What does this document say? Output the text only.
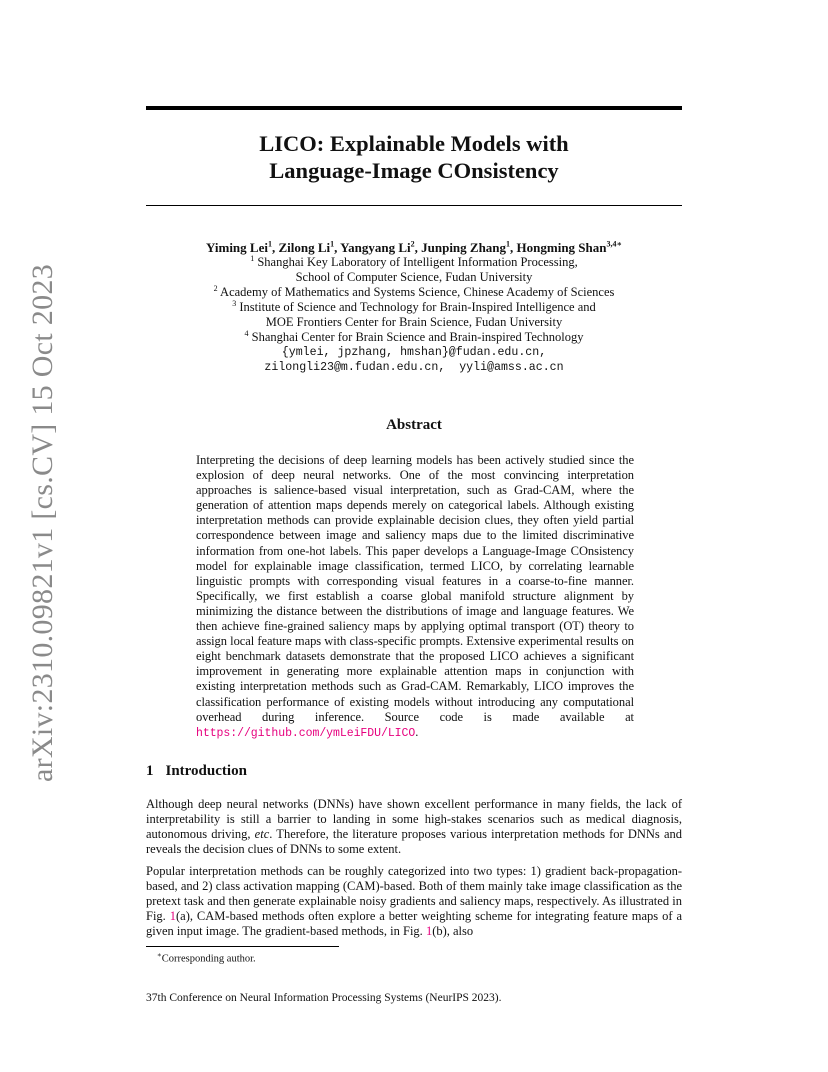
arXiv:2310.09821v1 [cs.CV] 15 Oct 2023
LICO: Explainable Models with
Language-Image COnsistency
Yiming Lei$^1$, Zilong Li$^1$, Yangyang Li$^2$, Junping Zhang$^1$, Hongming Shan$^{3,4∗}$
$^1$ Shanghai Key Laboratory of Intelligent Information Processing,
School of Computer Science, Fudan University
$^2$ Academy of Mathematics and Systems Science, Chinese Academy of Sciences
$^3$ Institute of Science and Technology for Brain-Inspired Intelligence and
MOE Frontiers Center for Brain Science, Fudan University
$^4$ Shanghai Center for Brain Science and Brain-inspired Technology
{ymlei, jpzhang, hmshan}@fudan.edu.cn,
zilongli23@m.fudan.edu.cn,  yyli@amss.ac.cn
Abstract
Interpreting the decisions of deep learning models has been actively studied since the explosion of deep neural networks. One of the most convincing interpretation approaches is salience-based visual interpretation, such as Grad-CAM, where the generation of attention maps depends merely on categorical labels. Although existing interpretation methods can provide explainable decision clues, they often yield partial correspondence between image and saliency maps due to the limited discriminative information from one-hot labels. This paper develops a Language-Image COnsistency model for explainable image classification, termed LICO, by correlating learnable linguistic prompts with corresponding visual features in a coarse-to-fine manner. Specifically, we first establish a coarse global manifold structure alignment by minimizing the distance between the distributions of image and language features. We then achieve fine-grained saliency maps by applying optimal transport (OT) theory to assign local feature maps with class-specific prompts. Extensive experimental results on eight benchmark datasets demonstrate that the proposed LICO achieves a significant improvement in generating more explainable attention maps in conjunction with existing interpretation methods such as Grad-CAM. Remarkably, LICO improves the classification performance of existing models without introducing any computational overhead during inference. Source code is made available at https://github.com/ymLeiFDU/LICO.
1 Introduction
Although deep neural networks (DNNs) have shown excellent performance in many fields, the lack of interpretability is still a barrier to landing in some high-stakes scenarios such as medical diagnosis, autonomous driving, etc. Therefore, the literature proposes various interpretation methods for DNNs and reveals the decision clues of DNNs to some extent.
Popular interpretation methods can be roughly categorized into two types: 1) gradient back-propagation-based, and 2) class activation mapping (CAM)-based. Both of them mainly take image classification as the pretext task and then generate explainable noisy gradients and saliency maps, respectively. As illustrated in Fig. 1(a), CAM-based methods often explore a better weighting scheme for integrating feature maps of a given input image. The gradient-based methods, in Fig. 1(b), also
∗Corresponding author.
37th Conference on Neural Information Processing Systems (NeurIPS 2023).
